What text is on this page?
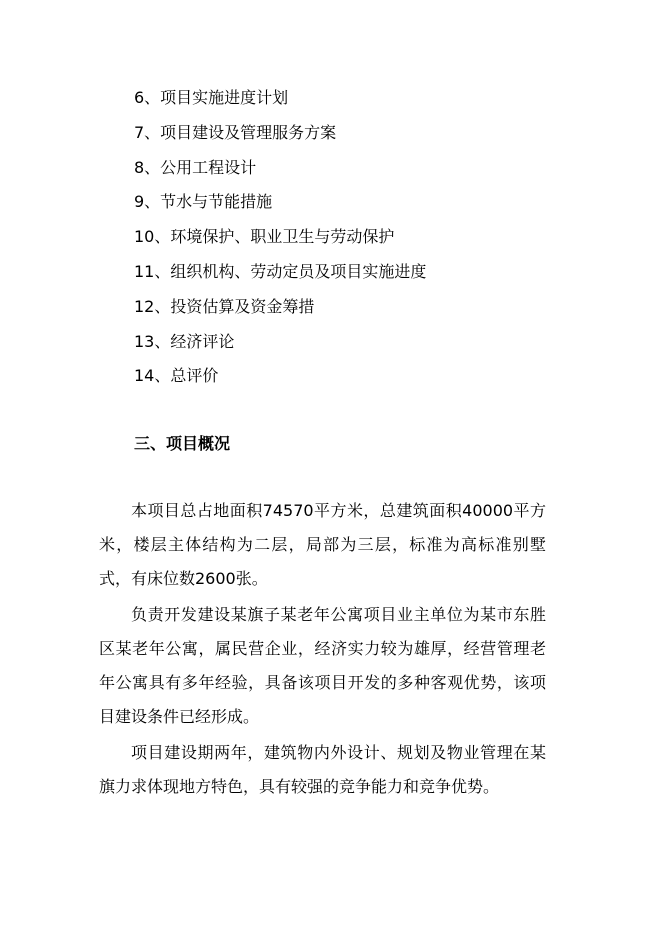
6、项目实施进度计划
7、项目建设及管理服务方案
8、公用工程设计
9、节水与节能措施
10、环境保护、职业卫生与劳动保护
11、组织机构、劳动定员及项目实施进度
12、投资估算及资金筹措
13、经济评论
14、总评价
三、项目概况

本项目总占地面积74570平方米，总建筑面积40000平方米，楼层主体结构为二层，局部为三层，标准为高标准别墅式，有床位数2600张。

负责开发建设某旗子某老年公寓项目业主单位为某市东胜区某老年公寓，属民营企业，经济实力较为雄厚，经营管理老年公寓具有多年经验，具备该项目开发的多种客观优势，该项目建设条件已经形成。

项目建设期两年，建筑物内外设计、规划及物业管理在某旗力求体现地方特色，具有较强的竞争能力和竞争优势。
